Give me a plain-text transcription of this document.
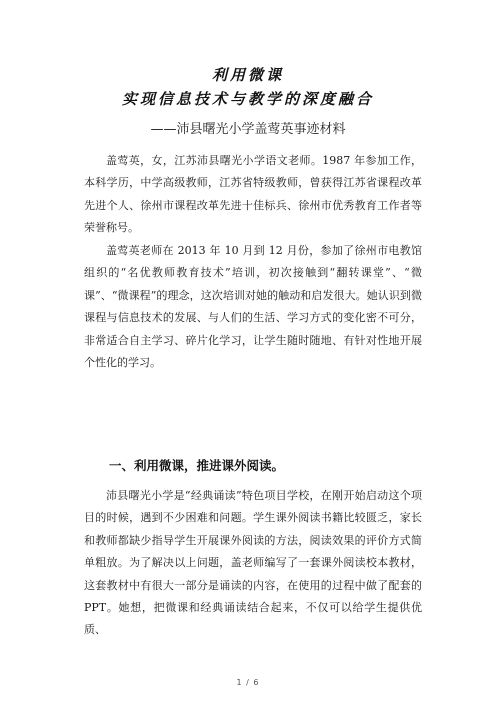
利用微课
实现信息技术与教学的深度融合
——沛县曙光小学盖莺英事迹材料

盖莺英，女，江苏沛县曙光小学语文老师。1987 年参加工作，本科学历，中学高级教师，江苏省特级教师，曾获得江苏省课程改革先进个人、徐州市课程改革先进十佳标兵、徐州市优秀教育工作者等荣誉称号。

盖莺英老师在 2013 年 10 月到 12 月份，参加了徐州市电教馆组织的“名优教师教育技术”培训，初次接触到“翻转课堂”、“微课”、“微课程”的理念，这次培训对她的触动和启发很大。她认识到微课程与信息技术的发展、与人们的生活、学习方式的变化密不可分，非常适合自主学习、碎片化学习，让学生随时随地、有针对性地开展个性化的学习。

一、利用微课，推进课外阅读。

沛县曙光小学是“经典诵读”特色项目学校，在刚开始启动这个项目的时候，遇到不少困难和问题。学生课外阅读书籍比较匮乏，家长和教师都缺少指导学生开展课外阅读的方法，阅读效果的评价方式简单粗放。为了解决以上问题，盖老师编写了一套课外阅读校本教材，这套教材中有很大一部分是诵读的内容，在使用的过程中做了配套的 PPT。她想，把微课和经典诵读结合起来，不仅可以给学生提供优质、

1 / 6
